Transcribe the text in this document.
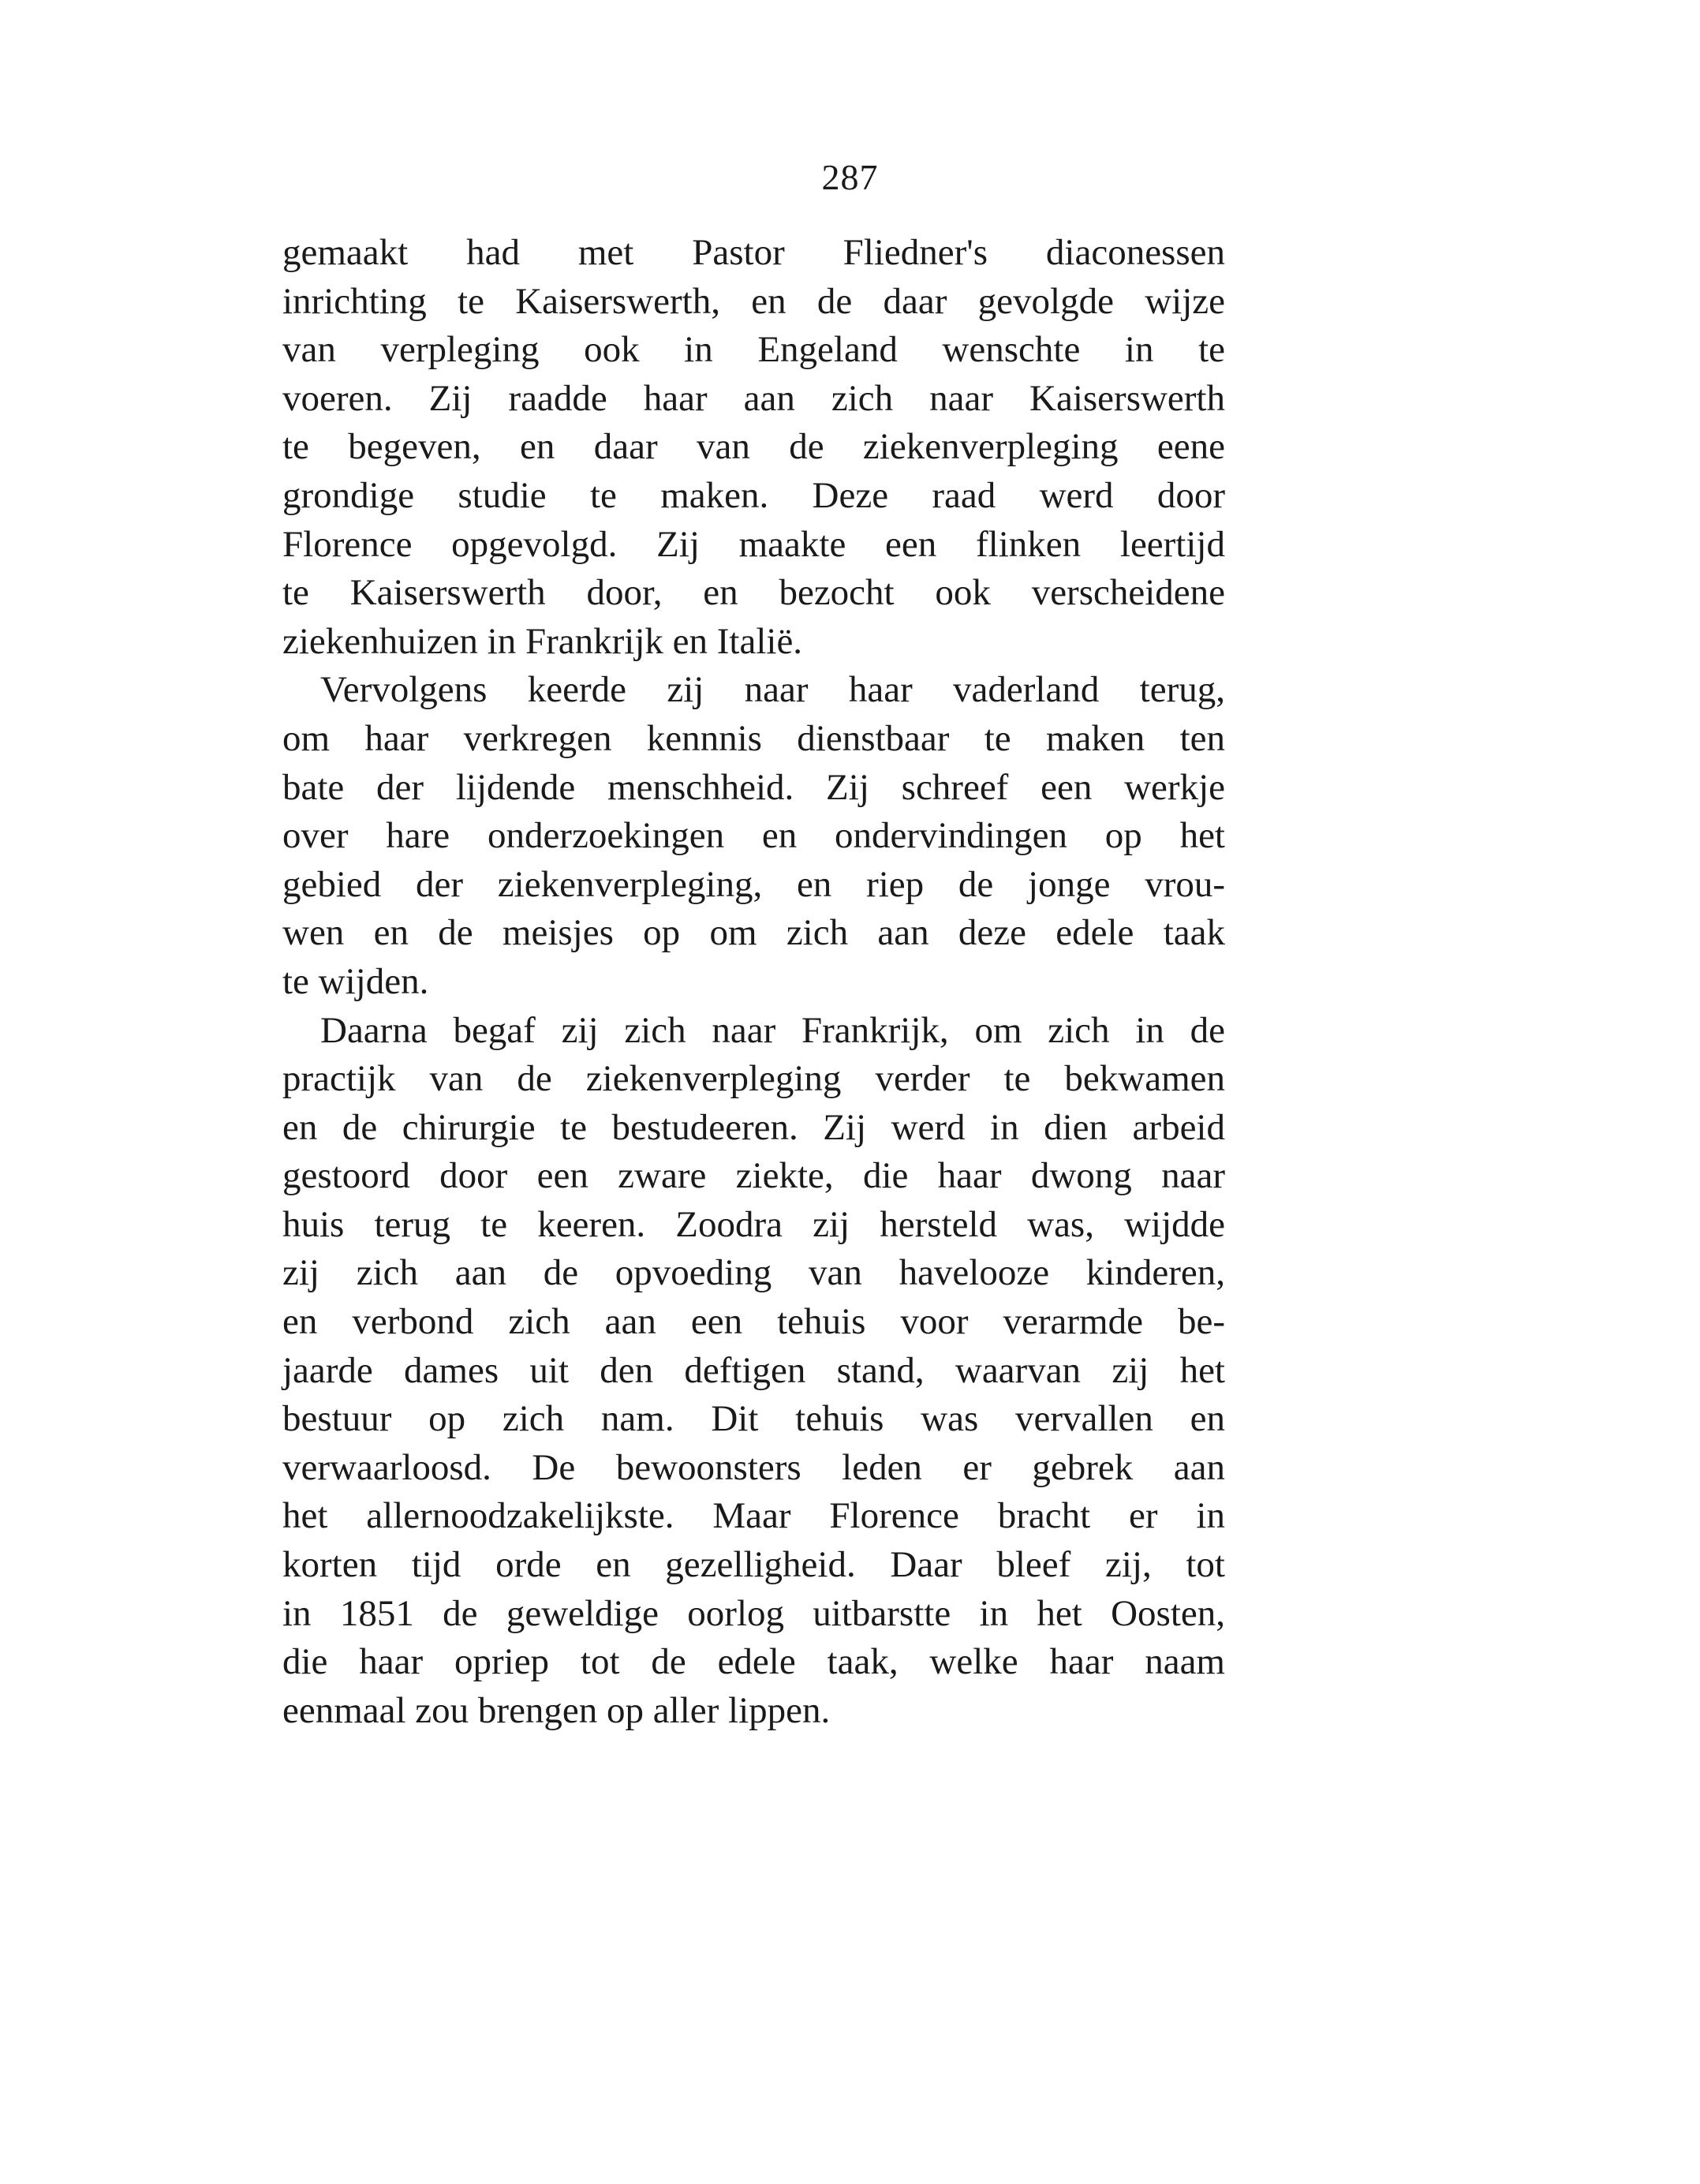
287
gemaakt had met Pastor Fliedner's diaconessen
inrichting te Kaiserswerth, en de daar gevolgde wijze
van verpleging ook in Engeland wenschte in te
voeren. Zij raadde haar aan zich naar Kaiserswerth
te begeven, en daar van de ziekenverpleging eene
grondige studie te maken. Deze raad werd door
Florence opgevolgd. Zij maakte een flinken leertijd
te Kaiserswerth door, en bezocht ook verscheidene
ziekenhuizen in Frankrijk en Italië.
Vervolgens keerde zij naar haar vaderland terug,
om haar verkregen kennnis dienstbaar te maken ten
bate der lijdende menschheid. Zij schreef een werkje
over hare onderzoekingen en ondervindingen op het
gebied der ziekenverpleging, en riep de jonge vrou-
wen en de meisjes op om zich aan deze edele taak
te wijden.
Daarna begaf zij zich naar Frankrijk, om zich in de
practijk van de ziekenverpleging verder te bekwamen
en de chirurgie te bestudeeren. Zij werd in dien arbeid
gestoord door een zware ziekte, die haar dwong naar
huis terug te keeren. Zoodra zij hersteld was, wijdde
zij zich aan de opvoeding van havelooze kinderen,
en verbond zich aan een tehuis voor verarmde be-
jaarde dames uit den deftigen stand, waarvan zij het
bestuur op zich nam. Dit tehuis was vervallen en
verwaarloosd. De bewoonsters leden er gebrek aan
het allernoodzakelijkste. Maar Florence bracht er in
korten tijd orde en gezelligheid. Daar bleef zij, tot
in 1851 de geweldige oorlog uitbarstte in het Oosten,
die haar opriep tot de edele taak, welke haar naam
eenmaal zou brengen op aller lippen.
